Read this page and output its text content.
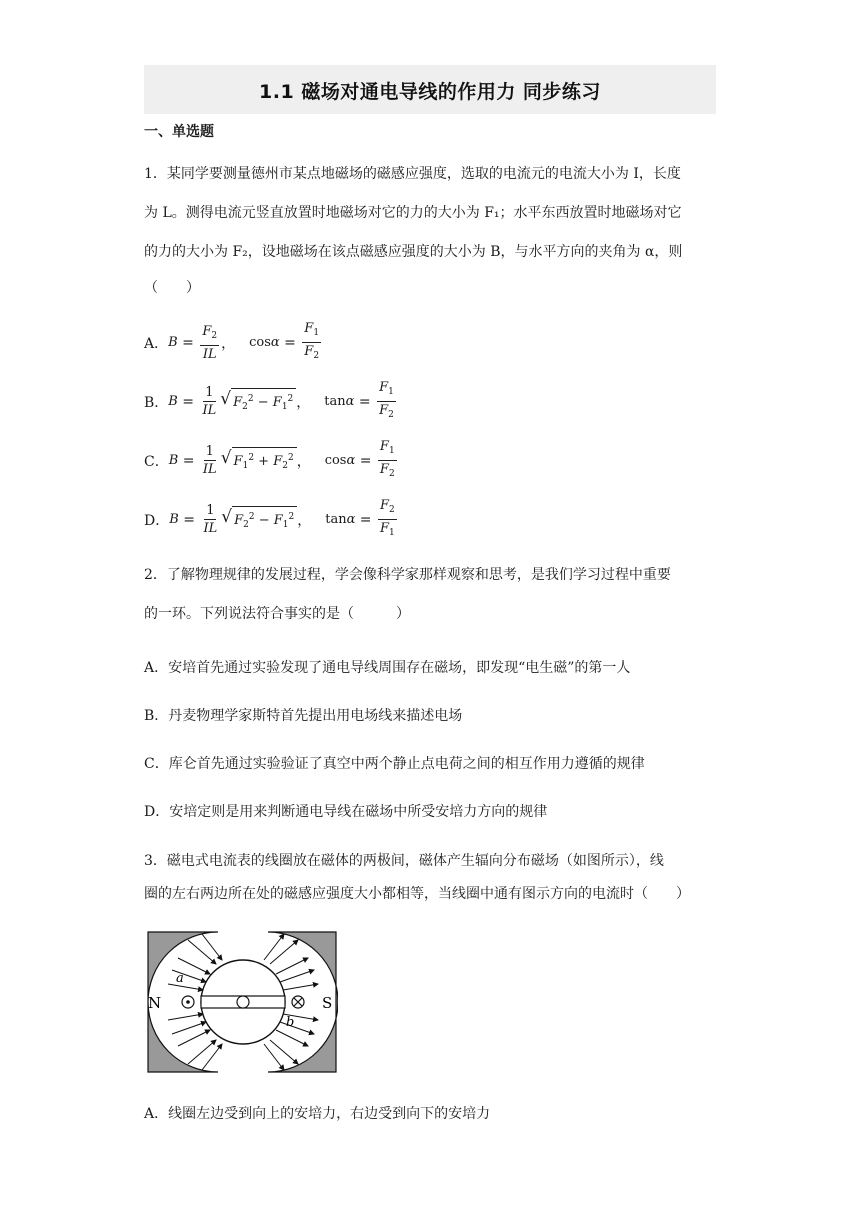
1.1 磁场对通电导线的作用力 同步练习
一、单选题
1．某同学要测量德州市某点地磁场的磁感应强度，选取的电流元的电流大小为 I，长度
为 L。测得电流元竖直放置时地磁场对它的力的大小为 F₁；水平东西放置时地磁场对它
的力的大小为 F₂，设地磁场在该点磁感应强度的大小为 B，与水平方向的夹角为 α，则
（　　）
A． $B = \frac{F_2}{IL}$ ， $\cos \alpha = \frac{F_1}{F_2}$
B． $B = \frac{1}{IL}$ √ $F_2^2 - F_1^2$ ， $\tan \alpha = \frac{F_1}{F_2}$
C． $B = \frac{1}{IL}$ √ $F_1^2 + F_2^2$ ， $\cos \alpha = \frac{F_1}{F_2}$
D． $B = \frac{1}{IL}$ √ $F_2^2 - F_1^2$ ， $\tan \alpha = \frac{F_2}{F_1}$
2．了解物理规律的发展过程，学会像科学家那样观察和思考，是我们学习过程中重要
的一环。下列说法符合事实的是（　　　）
A．安培首先通过实验发现了通电导线周围存在磁场，即发现“电生磁”的第一人
B．丹麦物理学家斯特首先提出用电场线来描述电场
C．库仑首先通过实验验证了真空中两个静止点电荷之间的相互作用力遵循的规律
D．安培定则是用来判断通电导线在磁场中所受安培力方向的规律
3．磁电式电流表的线圈放在磁体的两极间，磁体产生辐向分布磁场（如图所示），线
圈的左右两边所在处的磁感应强度大小都相等，当线圈中通有图示方向的电流时（　　）
N	S
a
b
A．线圈左边受到向上的安培力，右边受到向下的安培力
